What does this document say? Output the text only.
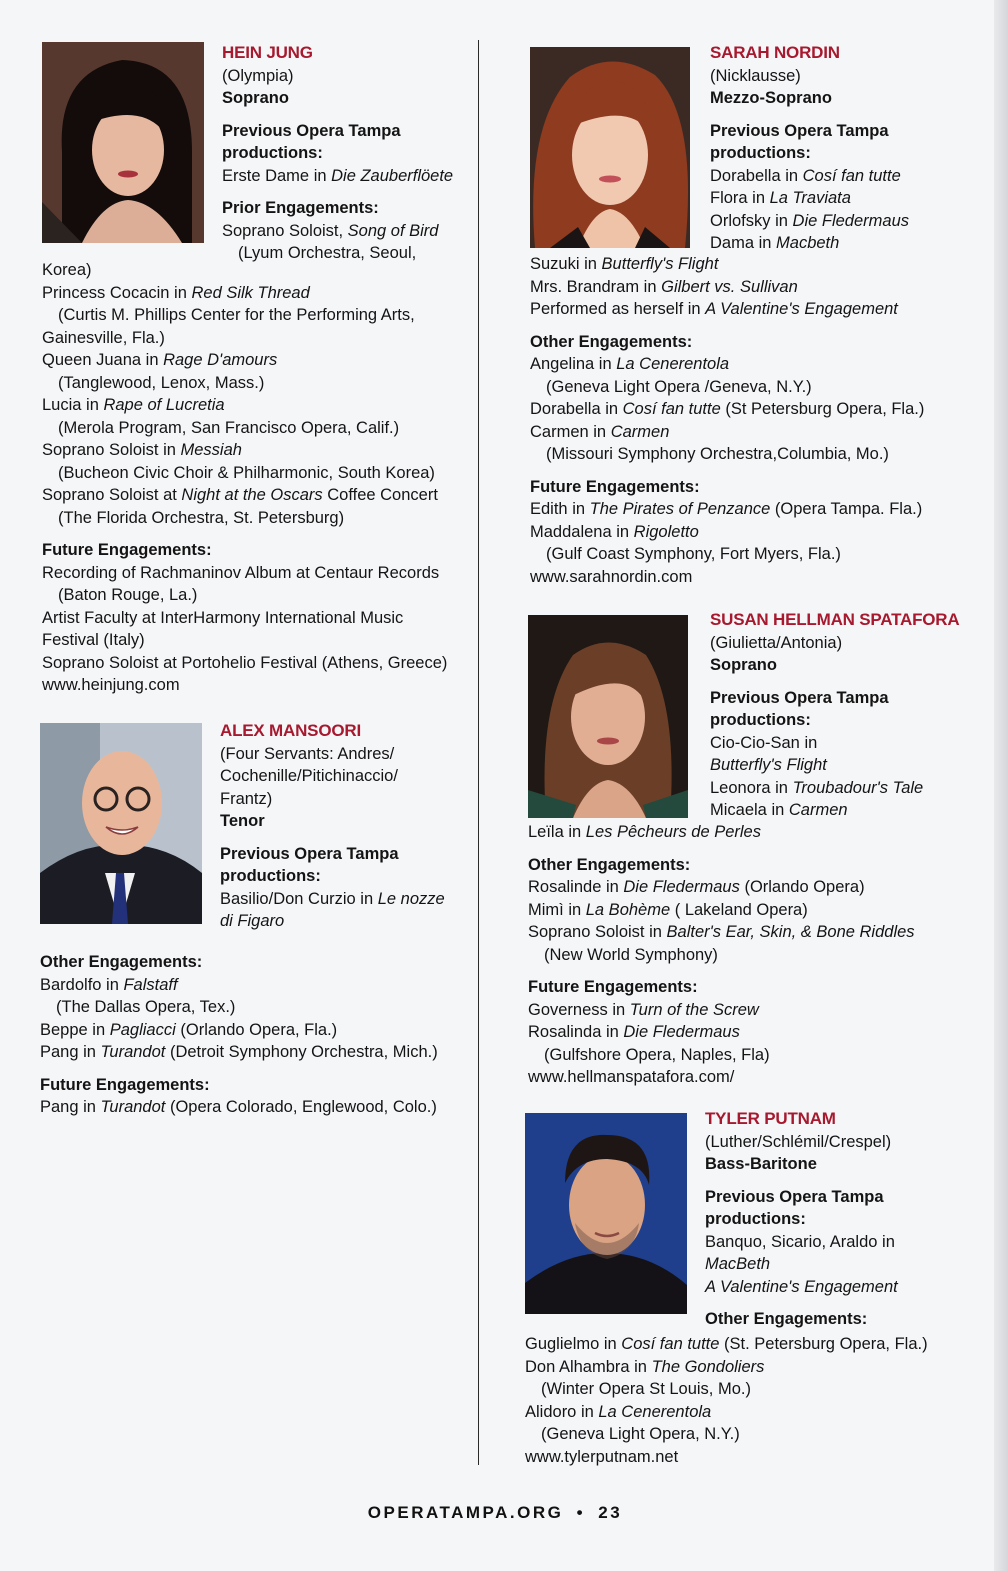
HEIN JUNG
(Olympia)
Soprano
Previous Opera Tampa
productions:
Erste Dame in Die Zauberflöete
Prior Engagements:
Soprano Soloist, Song of Bird
(Lyum Orchestra, Seoul,
Korea)
Princess Cocacin in Red Silk Thread
(Curtis M. Phillips Center for the Performing Arts,
Gainesville, Fla.)
Queen Juana in Rage D'amours
(Tanglewood, Lenox, Mass.)
Lucia in Rape of Lucretia
(Merola Program, San Francisco Opera, Calif.)
Soprano Soloist in Messiah
(Bucheon Civic Choir & Philharmonic, South Korea)
Soprano Soloist at Night at the Oscars Coffee Concert
(The Florida Orchestra, St. Petersburg)
Future Engagements:
Recording of Rachmaninov Album at Centaur Records
(Baton Rouge, La.)
Artist Faculty at InterHarmony International Music
Festival (Italy)
Soprano Soloist at Portohelio Festival (Athens, Greece)
www.heinjung.com
ALEX MANSOORI
(Four Servants: Andres/
Cochenille/Pitichinaccio/
Frantz)
Tenor
Previous Opera Tampa
productions:
Basilio/Don Curzio in Le nozze
di Figaro
Other Engagements:
Bardolfo in Falstaff
(The Dallas Opera, Tex.)
Beppe in Pagliacci (Orlando Opera, Fla.)
Pang in Turandot (Detroit Symphony Orchestra, Mich.)
Future Engagements:
Pang in Turandot (Opera Colorado, Englewood, Colo.)
SARAH NORDIN
(Nicklausse)
Mezzo-Soprano
Previous Opera Tampa
productions:
Dorabella in Cosí fan tutte
Flora in La Traviata
Orlofsky in Die Fledermaus
Dama in Macbeth
Suzuki in Butterfly's Flight
Mrs. Brandram in Gilbert vs. Sullivan
Performed as herself in A Valentine's Engagement
Other Engagements:
Angelina in La Cenerentola
(Geneva Light Opera /Geneva, N.Y.)
Dorabella in Cosí fan tutte (St Petersburg Opera, Fla.)
Carmen in Carmen
(Missouri Symphony Orchestra,Columbia, Mo.)
Future Engagements:
Edith in The Pirates of Penzance (Opera Tampa. Fla.)
Maddalena in Rigoletto
(Gulf Coast Symphony, Fort Myers, Fla.)
www.sarahnordin.com
SUSAN HELLMAN SPATAFORA
(Giulietta/Antonia)
Soprano
Previous Opera Tampa
productions:
Cio-Cio-San in
Butterfly's Flight
Leonora in Troubadour's Tale
Micaela in Carmen
Leïla in Les Pêcheurs de Perles
Other Engagements:
Rosalinde in Die Fledermaus (Orlando Opera)
Mimì in La Bohème ( Lakeland Opera)
Soprano Soloist in Balter's Ear, Skin, & Bone Riddles
(New World Symphony)
Future Engagements:
Governess in Turn of the Screw
Rosalinda in Die Fledermaus
(Gulfshore Opera, Naples, Fla)
www.hellmanspatafora.com/
TYLER PUTNAM
(Luther/Schlémil/Crespel)
Bass-Baritone
Previous Opera Tampa
productions:
Banquo, Sicario, Araldo in
MacBeth
A Valentine's Engagement
Other Engagements:
Guglielmo in Cosí fan tutte (St. Petersburg Opera, Fla.)
Don Alhambra in The Gondoliers
(Winter Opera St Louis, Mo.)
Alidoro in La Cenerentola
(Geneva Light Opera, N.Y.)
www.tylerputnam.net
OPERATAMPA.ORG • 23
